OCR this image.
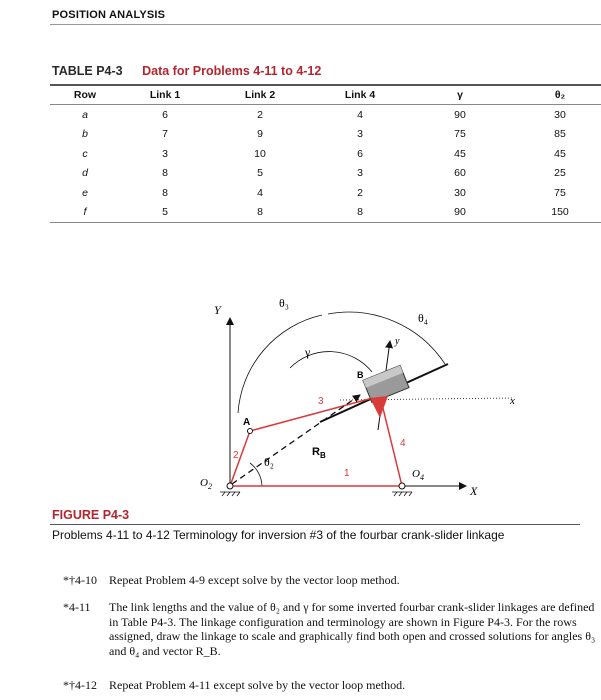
POSITION ANALYSIS
TABLE P4-3 Data for Problems 4-11 to 4-12
Row	Link 1	Link 2	Link 4	γ	θ₂
a	6	2	4	90	30
b	7	9	3	75	85
c	3	10	6	45	45
d	8	5	3	60	25
e	8	4	2	30	75
f	5	8	8	90	150
Y
X
θ₃
θ₄
γ
y
x
B
A
$R_B$
1
2
3
4
$O_2$
$O_4$
θ₂
FIGURE P4-3
Problems 4-11 to 4-12 Terminology for inversion #3 of the fourbar crank-slider linkage
*†4-10 Repeat Problem 4-9 except solve by the vector loop method.
*4-11 The link lengths and the value of θ₂ and γ for some inverted fourbar crank-slider linkages are defined in Table P4-3. The linkage configuration and terminology are shown in Figure P4-3. For the rows assigned, draw the linkage to scale and graphically find both open and crossed solutions for angles θ₃ and θ₄ and vector R_B.
*†4-12 Repeat Problem 4-11 except solve by the vector loop method.
